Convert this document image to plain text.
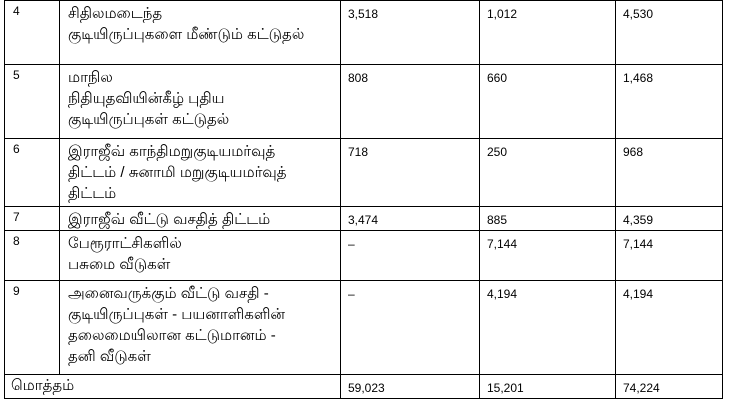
4	சிதிலமடைந்த
குடியிருப்புகளை மீண்டும் கட்டுதல்	3,518	1,012	4,530
5	மாநில
நிதியுதவியின்கீழ் புதிய
குடியிருப்புகள் கட்டுதல்	808	660	1,468
6	இராஜீவ் காந்திமறுகுடியமர்வுத்
திட்டம் / சுனாமி மறுகுடியமர்வுத்
திட்டம்	718	250	968
7	இராஜீவ் வீட்டு வசதித் திட்டம்	3,474	885	4,359
8	பேரூராட்சிகளில்
பசுமை வீடுகள்	–	7,144	7,144
9	அனைவருக்கும் வீட்டு வசதி -
குடியிருப்புகள் - பயனாளிகளின்
தலைமையிலான கட்டுமானம் -
தனி வீடுகள்	–	4,194	4,194
மொத்தம்		59,023	15,201	74,224
